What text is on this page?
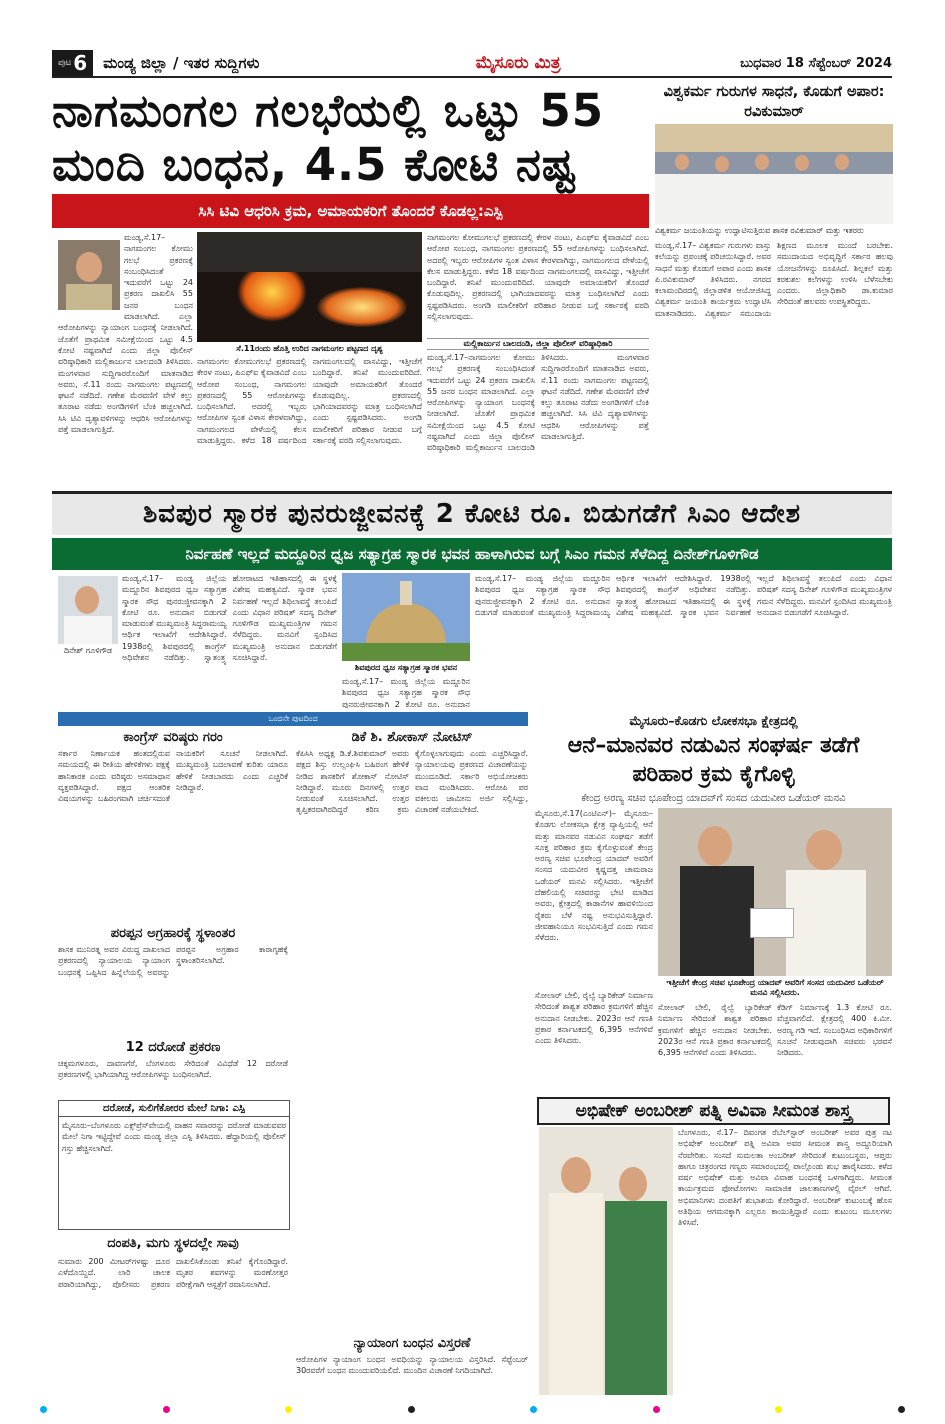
ಪುಟ 6 ಮಂಡ್ಯ ಜಿಲ್ಲಾ / ಇತರ ಸುದ್ದಿಗಳು	ಮೈಸೂರು ಮಿತ್ರ	ಬುಧವಾರ 18 ಸೆಪ್ಟೆಂಬರ್ 2024
ನಾಗಮಂಗಲ ಗಲಭೆಯಲ್ಲಿ ಒಟ್ಟು 55 ಮಂದಿ ಬಂಧನ, 4.5 ಕೋಟಿ ನಷ್ಟ
ಸಿಸಿ ಟಿವಿ ಆಧರಿಸಿ ಕ್ರಮ, ಅಮಾಯಕರಿಗೆ ತೊಂದರೆ ಕೊಡಲ್ಲ:ಎಸ್ಪಿ
ಮಂಡ್ಯ,ಸೆ.17–ನಾಗಮಂಗಲ ಕೋಮು ಗಲಭೆ ಪ್ರಕರಣಕ್ಕೆ ಸಂಬಂಧಿಸಿದಂತೆ ಇದುವರೆಗೆ ಒಟ್ಟು 24 ಪ್ರಕರಣ ದಾಖಲಿಸಿ 55 ಜನರ ಬಂಧನ ಮಾಡಲಾಗಿದೆ. ಎಲ್ಲಾ ಆರೋಪಿಗಳನ್ನು ನ್ಯಾಯಾಂಗ ಬಂಧನಕ್ಕೆ ನೀಡಲಾಗಿದೆ. ಜೊತೆಗೆ ಪ್ರಾಥಮಿಕ ಸಮೀಕ್ಷೆಯಿಂದ ಒಟ್ಟು 4.5 ಕೋಟಿ ನಷ್ಟವಾಗಿದೆ ಎಂದು ಜಿಲ್ಲಾ ಪೊಲೀಸ್ ವರಿಷ್ಠಾಧಿಕಾರಿ ಮಲ್ಲಿಕಾರ್ಜುನ ಬಾಲದಂಡಿ ತಿಳಿಸಿದರು. ಮಂಗಳವಾರ ಸುದ್ದಿಗಾರರೊಂದಿಗೆ ಮಾತನಾಡಿದ ಅವರು, ಸೆ.11 ರಂದು ನಾಗಮಂಗಲ ಪಟ್ಟಣದಲ್ಲಿ ಘಟನೆ ನಡೆದಿದೆ. ಗಣೇಶ ಮೆರವಣಿಗೆ ವೇಳೆ ಕಲ್ಲು ತೂರಾಟ ನಡೆದು ಅಂಗಡಿಗಳಿಗೆ ಬೆಂಕಿ ಹಚ್ಚಲಾಗಿದೆ. ಸಿಸಿ ಟಿವಿ ದೃಶ್ಯಾವಳಿಗಳನ್ನು ಆಧರಿಸಿ ಆರೋಪಿಗಳನ್ನು ಪತ್ತೆ ಮಾಡಲಾಗುತ್ತಿದೆ.
ಸೆ.11ರಂದು ಹೊತ್ತಿ ಉರಿದ ನಾಗಮಂಗಲ ಪಟ್ಟಣದ ದೃಶ್ಯ
ನಾಗಮಂಗಲ ಕೋಮುಗಲಭೆ ಪ್ರಕರಣದಲ್ಲಿ ಕೇರಳ ನಂಟು, ಪಿಎಫ್‌ಐ ಕೈವಾಡವಿದೆ ಎಂಬ ಆರೋಪ ಸಂಬಂಧ, ನಾಗಮಂಗಲ ಪ್ರಕರಣದಲ್ಲಿ 55 ಆರೋಪಿಗಳನ್ನು ಬಂಧಿಸಲಾಗಿದೆ. ಅದರಲ್ಲಿ ಇಬ್ಬರು ಆರೋಪಿಗಳ ಸ್ವಂತ ವಿಳಾಸ ಕೇರಳವಾಗಿದ್ದು, ನಾಗಮಂಗಲದ ವೇಳೆಯಲ್ಲಿ ಕೆಲಸ ಮಾಡುತ್ತಿದ್ದರು. ಕಳೆದ 18 ವರ್ಷದಿಂದ ನಾಗಮಂಗಲದಲ್ಲಿ ವಾಸವಿದ್ದು, ಇತ್ತೀಚೆಗೆ ಬಂದಿದ್ದಾರೆ. ತನಿಖೆ ಮುಂದುವರಿದಿದೆ. ಯಾವುದೇ ಅಮಾಯಕರಿಗೆ ತೊಂದರೆ ಕೊಡುವುದಿಲ್ಲ. ಪ್ರಕರಣದಲ್ಲಿ ಭಾಗಿಯಾದವರನ್ನು ಮಾತ್ರ ಬಂಧಿಸಲಾಗಿದೆ ಎಂದು ಸ್ಪಷ್ಟಪಡಿಸಿದರು. ಅಂಗಡಿ ಮಾಲೀಕರಿಗೆ ಪರಿಹಾರ ನೀಡುವ ಬಗ್ಗೆ ಸರ್ಕಾರಕ್ಕೆ ವರದಿ ಸಲ್ಲಿಸಲಾಗುವುದು.
ನಾಗಮಂಗಲ ಕೋಮುಗಲಭೆ ಪ್ರಕರಣದಲ್ಲಿ ಕೇರಳ ನಂಟು, ಪಿಎಫ್‌ಐ ಕೈವಾಡವಿದೆ ಎಂಬ ಆರೋಪ ಸಂಬಂಧ, ನಾಗಮಂಗಲ ಪ್ರಕರಣದಲ್ಲಿ 55 ಆರೋಪಿಗಳನ್ನು ಬಂಧಿಸಲಾಗಿದೆ. ಅದರಲ್ಲಿ ಇಬ್ಬರು ಆರೋಪಿಗಳ ಸ್ವಂತ ವಿಳಾಸ ಕೇರಳವಾಗಿದ್ದು, ನಾಗಮಂಗಲದ ವೇಳೆಯಲ್ಲಿ ಕೆಲಸ ಮಾಡುತ್ತಿದ್ದರು. ಕಳೆದ 18 ವರ್ಷದಿಂದ ನಾಗಮಂಗಲದಲ್ಲಿ ವಾಸವಿದ್ದು, ಇತ್ತೀಚೆಗೆ ಬಂದಿದ್ದಾರೆ. ತನಿಖೆ ಮುಂದುವರಿದಿದೆ. ಯಾವುದೇ ಅಮಾಯಕರಿಗೆ ತೊಂದರೆ ಕೊಡುವುದಿಲ್ಲ. ಪ್ರಕರಣದಲ್ಲಿ ಭಾಗಿಯಾದವರನ್ನು ಮಾತ್ರ ಬಂಧಿಸಲಾಗಿದೆ ಎಂದು ಸ್ಪಷ್ಟಪಡಿಸಿದರು. ಅಂಗಡಿ ಮಾಲೀಕರಿಗೆ ಪರಿಹಾರ ನೀಡುವ ಬಗ್ಗೆ ಸರ್ಕಾರಕ್ಕೆ ವರದಿ ಸಲ್ಲಿಸಲಾಗುವುದು.
ಮಲ್ಲಿಕಾರ್ಜುನ ಬಾಲದಂಡಿ, ಜಿಲ್ಲಾ ಪೊಲೀಸ್ ವರಿಷ್ಠಾಧಿಕಾರಿ
ಮಂಡ್ಯ,ಸೆ.17–ನಾಗಮಂಗಲ ಕೋಮು ಗಲಭೆ ಪ್ರಕರಣಕ್ಕೆ ಸಂಬಂಧಿಸಿದಂತೆ ಇದುವರೆಗೆ ಒಟ್ಟು 24 ಪ್ರಕರಣ ದಾಖಲಿಸಿ 55 ಜನರ ಬಂಧನ ಮಾಡಲಾಗಿದೆ. ಎಲ್ಲಾ ಆರೋಪಿಗಳನ್ನು ನ್ಯಾಯಾಂಗ ಬಂಧನಕ್ಕೆ ನೀಡಲಾಗಿದೆ. ಜೊತೆಗೆ ಪ್ರಾಥಮಿಕ ಸಮೀಕ್ಷೆಯಿಂದ ಒಟ್ಟು 4.5 ಕೋಟಿ ನಷ್ಟವಾಗಿದೆ ಎಂದು ಜಿಲ್ಲಾ ಪೊಲೀಸ್ ವರಿಷ್ಠಾಧಿಕಾರಿ ಮಲ್ಲಿಕಾರ್ಜುನ ಬಾಲದಂಡಿ ತಿಳಿಸಿದರು. ಮಂಗಳವಾರ ಸುದ್ದಿಗಾರರೊಂದಿಗೆ ಮಾತನಾಡಿದ ಅವರು, ಸೆ.11 ರಂದು ನಾಗಮಂಗಲ ಪಟ್ಟಣದಲ್ಲಿ ಘಟನೆ ನಡೆದಿದೆ. ಗಣೇಶ ಮೆರವಣಿಗೆ ವೇಳೆ ಕಲ್ಲು ತೂರಾಟ ನಡೆದು ಅಂಗಡಿಗಳಿಗೆ ಬೆಂಕಿ ಹಚ್ಚಲಾಗಿದೆ. ಸಿಸಿ ಟಿವಿ ದೃಶ್ಯಾವಳಿಗಳನ್ನು ಆಧರಿಸಿ ಆರೋಪಿಗಳನ್ನು ಪತ್ತೆ ಮಾಡಲಾಗುತ್ತಿದೆ.
ವಿಶ್ವಕರ್ಮ ಗುರುಗಳ ಸಾಧನೆ, ಕೊಡುಗೆ ಅಪಾರ: ರವಿಕುಮಾರ್
ವಿಶ್ವಕರ್ಮ ಜಯಂತಿಯನ್ನು ಉದ್ಘಾಟಿಸುತ್ತಿರುವ ಶಾಸಕ ರವಿಕುಮಾರ್ ಮತ್ತು ಇತರರು
ಮಂಡ್ಯ,ಸೆ.17– ವಿಶ್ವಕರ್ಮ ಗುರುಗಳು ವಾಸ್ತು ಕಲೆಯನ್ನು ಪ್ರಪಂಚಕ್ಕೆ ಪರಿಚಯಿಸಿದ್ದಾರೆ. ಅವರ ಸಾಧನೆ ಮತ್ತು ಕೊಡುಗೆ ಅಪಾರ ಎಂದು ಶಾಸಕ ಪಿ.ರವಿಕುಮಾರ್ ತಿಳಿಸಿದರು. ನಗರದ ಕಲಾಮಂದಿರದಲ್ಲಿ ಜಿಲ್ಲಾಡಳಿತ ಆಯೋಜಿಸಿದ್ದ ವಿಶ್ವಕರ್ಮ ಜಯಂತಿ ಕಾರ್ಯಕ್ರಮ ಉದ್ಘಾಟಿಸಿ ಮಾತನಾಡಿದರು. ವಿಶ್ವಕರ್ಮ ಸಮುದಾಯ ಶಿಕ್ಷಣದ ಮೂಲಕ ಮುಂದೆ ಬರಬೇಕು. ಸಮುದಾಯದ ಅಭಿವೃದ್ಧಿಗೆ ಸರ್ಕಾರ ಹಲವು ಯೋಜನೆಗಳನ್ನು ರೂಪಿಸಿದೆ. ಶಿಲ್ಪಕಲೆ ಮತ್ತು ಕರಕುಶಲ ಕಲೆಗಳನ್ನು ಉಳಿಸಿ ಬೆಳೆಸಬೇಕು ಎಂದರು. ಜಿಲ್ಲಾಧಿಕಾರಿ ಡಾ.ಕುಮಾರ ಸೇರಿದಂತೆ ಹಲವರು ಉಪಸ್ಥಿತರಿದ್ದರು.
ಶಿವಪುರ ಸ್ಮಾರಕ ಪುನರುಜ್ಜೀವನಕ್ಕೆ 2 ಕೋಟಿ ರೂ. ಬಿಡುಗಡೆಗೆ ಸಿಎಂ ಆದೇಶ
ನಿರ್ವಹಣೆ ಇಲ್ಲದೆ ಮದ್ದೂರಿನ ಧ್ವಜ ಸತ್ಯಾಗ್ರಹ ಸ್ಮಾರಕ ಭವನ ಹಾಳಾಗಿರುವ ಬಗ್ಗೆ ಸಿಎಂ ಗಮನ ಸೆಳೆದಿದ್ದ ದಿನೇಶ್‌ಗೂಳಿಗೌಡ
ದಿನೇಶ್ ಗೂಳಿಗೌಡ
ಮಂಡ್ಯ,ಸೆ.17– ಮಂಡ್ಯ ಜಿಲ್ಲೆಯ ಮದ್ದೂರಿನ ಶಿವಪುರದ ಧ್ವಜ ಸತ್ಯಾಗ್ರಹ ಸ್ಮಾರಕ ಸೌಧ ಪುನರುಜ್ಜೀವನಕ್ಕಾಗಿ 2 ಕೋಟಿ ರೂ. ಅನುದಾನ ಬಿಡುಗಡೆ ಮಾಡುವಂತೆ ಮುಖ್ಯಮಂತ್ರಿ ಸಿದ್ದರಾಮಯ್ಯ ಆರ್ಥಿಕ ಇಲಾಖೆಗೆ ಆದೇಶಿಸಿದ್ದಾರೆ. 1938ರಲ್ಲಿ ಶಿವಪುರದಲ್ಲಿ ಕಾಂಗ್ರೆಸ್ ಅಧಿವೇಶನ ನಡೆದಿತ್ತು. ಸ್ವಾತಂತ್ರ್ಯ ಹೋರಾಟದ ಇತಿಹಾಸದಲ್ಲಿ ಈ ಸ್ಥಳಕ್ಕೆ ವಿಶೇಷ ಮಹತ್ವವಿದೆ. ಸ್ಮಾರಕ ಭವನ ನಿರ್ವಹಣೆ ಇಲ್ಲದೆ ಶಿಥಿಲಾವಸ್ಥೆ ತಲುಪಿದೆ ಎಂದು ವಿಧಾನ ಪರಿಷತ್ ಸದಸ್ಯ ದಿನೇಶ್ ಗೂಳಿಗೌಡ ಮುಖ್ಯಮಂತ್ರಿಗಳ ಗಮನ ಸೆಳೆದಿದ್ದರು. ಮನವಿಗೆ ಸ್ಪಂದಿಸಿದ ಮುಖ್ಯಮಂತ್ರಿ ಅನುದಾನ ಬಿಡುಗಡೆಗೆ ಸೂಚಿಸಿದ್ದಾರೆ.
ಶಿವಪುರದ ಧ್ವಜ ಸತ್ಯಾಗ್ರಹ ಸ್ಮಾರಕ ಭವನ
ಮಂಡ್ಯ,ಸೆ.17– ಮಂಡ್ಯ ಜಿಲ್ಲೆಯ ಮದ್ದೂರಿನ ಶಿವಪುರದ ಧ್ವಜ ಸತ್ಯಾಗ್ರಹ ಸ್ಮಾರಕ ಸೌಧ ಪುನರುಜ್ಜೀವನಕ್ಕಾಗಿ 2 ಕೋಟಿ ರೂ. ಅನುದಾನ
ಮಂಡ್ಯ,ಸೆ.17– ಮಂಡ್ಯ ಜಿಲ್ಲೆಯ ಮದ್ದೂರಿನ ಶಿವಪುರದ ಧ್ವಜ ಸತ್ಯಾಗ್ರಹ ಸ್ಮಾರಕ ಸೌಧ ಪುನರುಜ್ಜೀವನಕ್ಕಾಗಿ 2 ಕೋಟಿ ರೂ. ಅನುದಾನ ಬಿಡುಗಡೆ ಮಾಡುವಂತೆ ಮುಖ್ಯಮಂತ್ರಿ ಸಿದ್ದರಾಮಯ್ಯ ಆರ್ಥಿಕ ಇಲಾಖೆಗೆ ಆದೇಶಿಸಿದ್ದಾರೆ. 1938ರಲ್ಲಿ ಶಿವಪುರದಲ್ಲಿ ಕಾಂಗ್ರೆಸ್ ಅಧಿವೇಶನ ನಡೆದಿತ್ತು. ಸ್ವಾತಂತ್ರ್ಯ ಹೋರಾಟದ ಇತಿಹಾಸದಲ್ಲಿ ಈ ಸ್ಥಳಕ್ಕೆ ವಿಶೇಷ ಮಹತ್ವವಿದೆ. ಸ್ಮಾರಕ ಭವನ ನಿರ್ವಹಣೆ ಇಲ್ಲದೆ ಶಿಥಿಲಾವಸ್ಥೆ ತಲುಪಿದೆ ಎಂದು ವಿಧಾನ ಪರಿಷತ್ ಸದಸ್ಯ ದಿನೇಶ್ ಗೂಳಿಗೌಡ ಮುಖ್ಯಮಂತ್ರಿಗಳ ಗಮನ ಸೆಳೆದಿದ್ದರು. ಮನವಿಗೆ ಸ್ಪಂದಿಸಿದ ಮುಖ್ಯಮಂತ್ರಿ ಅನುದಾನ ಬಿಡುಗಡೆಗೆ ಸೂಚಿಸಿದ್ದಾರೆ.
ಒಂದನೇ ಪುಟದಿಂದ
ಕಾಂಗ್ರೆಸ್ ವರಿಷ್ಠರು ಗರಂ
ಸರ್ಕಾರ ನಿರ್ಣಾಯಕ ಹಂತದಲ್ಲಿರುವ ಸಮಯದಲ್ಲಿ ಈ ರೀತಿಯ ಹೇಳಿಕೆಗಳು ಪಕ್ಷಕ್ಕೆ ಹಾನಿಕಾರಕ ಎಂದು ವರಿಷ್ಠರು ಅಸಮಾಧಾನ ವ್ಯಕ್ತಪಡಿಸಿದ್ದಾರೆ. ಪಕ್ಷದ ಆಂತರಿಕ ವಿಷಯಗಳನ್ನು ಬಹಿರಂಗವಾಗಿ ಚರ್ಚಿಸದಂತೆ ನಾಯಕರಿಗೆ ಸೂಚನೆ ನೀಡಲಾಗಿದೆ. ಮುಖ್ಯಮಂತ್ರಿ ಬದಲಾವಣೆ ಕುರಿತು ಯಾರೂ ಹೇಳಿಕೆ ನೀಡಬಾರದು ಎಂದು ಎಚ್ಚರಿಕೆ ನೀಡಿದ್ದಾರೆ.
ಪರಪ್ಪನ ಅಗ್ರಹಾರಕ್ಕೆ ಸ್ಥಳಾಂತರ
ಶಾಸಕ ಮುನಿರತ್ನ ಅವರ ವಿರುದ್ಧ ದಾಖಲಾದ ಪ್ರಕರಣದಲ್ಲಿ ನ್ಯಾಯಾಲಯ ನ್ಯಾಯಾಂಗ ಬಂಧನಕ್ಕೆ ಒಪ್ಪಿಸಿದ ಹಿನ್ನೆಲೆಯಲ್ಲಿ ಅವರನ್ನು ಪರಪ್ಪನ ಅಗ್ರಹಾರ ಕಾರಾಗೃಹಕ್ಕೆ ಸ್ಥಳಾಂತರಿಸಲಾಗಿದೆ.
12 ದರೋಡೆ ಪ್ರಕರಣ
ಚಿಕ್ಕಮಗಳೂರು, ದಾವಣಗೆರೆ, ಬೆಂಗಳೂರು ಸೇರಿದಂತೆ ವಿವಿಧೆಡೆ 12 ದರೋಡೆ ಪ್ರಕರಣಗಳಲ್ಲಿ ಭಾಗಿಯಾಗಿದ್ದ ಆರೋಪಿಗಳನ್ನು ಬಂಧಿಸಲಾಗಿದೆ.
ದರೋಡೆ, ಸುಲಿಗೆಕೋರರ ಮೇಲೆ ನಿಗಾ: ಎಸ್ಪಿ
ಮೈಸೂರು–ಬೆಂಗಳೂರು ಎಕ್ಸ್‌ಪ್ರೆಸ್‌ವೇಯಲ್ಲಿ ವಾಹನ ಸವಾರರನ್ನು ದರೋಡೆ ಮಾಡುವವರ ಮೇಲೆ ನಿಗಾ ಇಟ್ಟಿದ್ದೇವೆ ಎಂದು ಮಂಡ್ಯ ಜಿಲ್ಲಾ ಎಸ್ಪಿ ತಿಳಿಸಿದರು. ಹೆದ್ದಾರಿಯಲ್ಲಿ ಪೊಲೀಸ್ ಗಸ್ತು ಹೆಚ್ಚಿಸಲಾಗಿದೆ.
ದಂಪತಿ, ಮಗು ಸ್ಥಳದಲ್ಲೇ ಸಾವು
ಸುಮಾರು 200 ಮೀಟರ್‌ಗಳಷ್ಟು ದೂರ ಎಳೆದೊಯ್ದಿದೆ. ಲಾರಿ ಚಾಲಕ ಪರಾರಿಯಾಗಿದ್ದು, ಪೊಲೀಸರು ಪ್ರಕರಣ ದಾಖಲಿಸಿಕೊಂಡು ತನಿಖೆ ಕೈಗೊಂಡಿದ್ದಾರೆ. ಮೃತರ ಶವಗಳನ್ನು ಮರಣೋತ್ತರ ಪರೀಕ್ಷೆಗಾಗಿ ಆಸ್ಪತ್ರೆಗೆ ರವಾನಿಸಲಾಗಿದೆ.
ಡಿಕೆ ಶಿ. ಶೋಕಾಸ್ ನೋಟಿಸ್
ಕೆಪಿಸಿಸಿ ಅಧ್ಯಕ್ಷ ಡಿ.ಕೆ.ಶಿವಕುಮಾರ್ ಅವರು ಪಕ್ಷದ ಶಿಸ್ತು ಉಲ್ಲಂಘಿಸಿ ಬಹಿರಂಗ ಹೇಳಿಕೆ ನೀಡಿದ ಶಾಸಕರಿಗೆ ಶೋಕಾಸ್ ನೋಟಿಸ್ ನೀಡಿದ್ದಾರೆ. ಮೂರು ದಿನಗಳಲ್ಲಿ ಉತ್ತರ ನೀಡುವಂತೆ ಸೂಚಿಸಲಾಗಿದೆ. ಉತ್ತರ ತೃಪ್ತಿಕರವಾಗಿರದಿದ್ದರೆ ಕಠಿಣ ಕ್ರಮ ಕೈಗೊಳ್ಳಲಾಗುವುದು ಎಂದು ಎಚ್ಚರಿಸಿದ್ದಾರೆ. ನ್ಯಾಯಾಲಯವು ಪ್ರಕರಣದ ವಿಚಾರಣೆಯನ್ನು ಮುಂದೂಡಿದೆ. ಸರ್ಕಾರಿ ಅಭಿಯೋಜಕರು ವಾದ ಮಂಡಿಸಿದರು. ಆರೋಪಿ ಪರ ವಕೀಲರು ಜಾಮೀನು ಅರ್ಜಿ ಸಲ್ಲಿಸಿದ್ದು, ವಿಚಾರಣೆ ನಡೆಯಬೇಕಿದೆ.
ನ್ಯಾಯಾಂಗ ಬಂಧನ ವಿಸ್ತರಣೆ
ಆರೋಪಿಗಳ ನ್ಯಾಯಾಂಗ ಬಂಧನ ಅವಧಿಯನ್ನು ನ್ಯಾಯಾಲಯ ವಿಸ್ತರಿಸಿದೆ. ಸೆಪ್ಟೆಂಬರ್ 30ರವರೆಗೆ ಬಂಧನ ಮುಂದುವರಿಯಲಿದೆ. ಮುಂದಿನ ವಿಚಾರಣೆ ನಿಗದಿಯಾಗಿದೆ.
ಮೈಸೂರು–ಕೊಡಗು ಲೋಕಸಭಾ ಕ್ಷೇತ್ರದಲ್ಲಿ
ಆನೆ–ಮಾನವರ ನಡುವಿನ ಸಂಘರ್ಷ ತಡೆಗೆ ಪರಿಹಾರ ಕ್ರಮ ಕೈಗೊಳ್ಳಿ
ಕೇಂದ್ರ ಅರಣ್ಯ ಸಚಿವ ಭೂಪೇಂದ್ರ ಯಾದವ್‌ಗೆ ಸಂಸದ ಯದುವೀರ ಒಡೆಯರ್ ಮನವಿ
ಮೈಸೂರು,ಸೆ.17(ಎಂಟಿಎನ್)– ಮೈಸೂರು–ಕೊಡಗು ಲೋಕಸಭಾ ಕ್ಷೇತ್ರ ವ್ಯಾಪ್ತಿಯಲ್ಲಿ ಆನೆ ಮತ್ತು ಮಾನವರ ನಡುವಿನ ಸಂಘರ್ಷ ತಡೆಗೆ ಸೂಕ್ತ ಪರಿಹಾರ ಕ್ರಮ ಕೈಗೊಳ್ಳುವಂತೆ ಕೇಂದ್ರ ಅರಣ್ಯ ಸಚಿವ ಭೂಪೇಂದ್ರ ಯಾದವ್ ಅವರಿಗೆ ಸಂಸದ ಯದುವೀರ ಕೃಷ್ಣದತ್ತ ಚಾಮರಾಜ ಒಡೆಯರ್ ಮನವಿ ಸಲ್ಲಿಸಿದರು. ಇತ್ತೀಚೆಗೆ ದೆಹಲಿಯಲ್ಲಿ ಸಚಿವರನ್ನು ಭೇಟಿ ಮಾಡಿದ ಅವರು, ಕ್ಷೇತ್ರದಲ್ಲಿ ಕಾಡಾನೆಗಳ ಹಾವಳಿಯಿಂದ ರೈತರು ಬೆಳೆ ನಷ್ಟ ಅನುಭವಿಸುತ್ತಿದ್ದಾರೆ. ಜೀವಹಾನಿಯೂ ಸಂಭವಿಸುತ್ತಿದೆ ಎಂದು ಗಮನ ಸೆಳೆದರು.
ಇತ್ತೀಚೆಗೆ ಕೇಂದ್ರ ಸಚಿವ ಭೂಪೇಂದ್ರ ಯಾದವ್ ಅವರಿಗೆ ಸಂಸದ ಯದುವೀರ ಒಡೆಯರ್ ಮನವಿ ಸಲ್ಲಿಸಿದರು.
ಸೋಲಾರ್ ಬೇಲಿ, ರೈಲ್ವೆ ಬ್ಯಾರಿಕೇಡ್ ನಿರ್ಮಾಣ ಸೇರಿದಂತೆ ಶಾಶ್ವತ ಪರಿಹಾರ ಕ್ರಮಗಳಿಗೆ ಹೆಚ್ಚಿನ ಅನುದಾನ ನೀಡಬೇಕು. 2023ರ ಆನೆ ಗಣತಿ ಪ್ರಕಾರ ಕರ್ನಾಟಕದಲ್ಲಿ 6,395 ಆನೆಗಳಿವೆ ಎಂದು ತಿಳಿಸಿದರು.
ಸೋಲಾರ್ ಬೇಲಿ, ರೈಲ್ವೆ ಬ್ಯಾರಿಕೇಡ್ ನಿರ್ಮಾಣ ಸೇರಿದಂತೆ ಶಾಶ್ವತ ಪರಿಹಾರ ಕ್ರಮಗಳಿಗೆ ಹೆಚ್ಚಿನ ಅನುದಾನ ನೀಡಬೇಕು. 2023ರ ಆನೆ ಗಣತಿ ಪ್ರಕಾರ ಕರ್ನಾಟಕದಲ್ಲಿ 6,395 ಆನೆಗಳಿವೆ ಎಂದು ತಿಳಿಸಿದರು.
ಕೆಡಿಗ್ ನಿರ್ಮಾಣಕ್ಕೆ 1.3 ಕೋಟಿ ರೂ. ವೆಚ್ಚವಾಗಲಿದೆ. ಕ್ಷೇತ್ರದಲ್ಲಿ 400 ಕಿ.ಮೀ. ಅರಣ್ಯ ಗಡಿ ಇದೆ. ಸಂಬಂಧಿಸಿದ ಅಧಿಕಾರಿಗಳಿಗೆ ಸೂಚನೆ ನೀಡುವುದಾಗಿ ಸಚಿವರು ಭರವಸೆ ನೀಡಿದರು.
ಅಭಿಷೇಕ್ ಅಂಬರೀಶ್ ಪತ್ನಿ ಅವಿವಾ ಸೀಮಂತ ಶಾಸ್ತ್ರ
ಬೆಂಗಳೂರು, ಸೆ.17– ದಿವಂಗತ ರೆಬೆಲ್‌ಸ್ಟಾರ್ ಅಂಬರೀಶ್ ಅವರ ಪುತ್ರ ನಟ ಅಭಿಷೇಕ್ ಅಂಬರೀಶ್ ಪತ್ನಿ ಅವಿವಾ ಅವರ ಸೀಮಂತ ಶಾಸ್ತ್ರ ಅದ್ಧೂರಿಯಾಗಿ ನೆರವೇರಿತು. ಸಂಸದೆ ಸುಮಲತಾ ಅಂಬರೀಶ್ ಸೇರಿದಂತೆ ಕುಟುಂಬಸ್ಥರು, ಆಪ್ತರು ಹಾಗೂ ಚಿತ್ರರಂಗದ ಗಣ್ಯರು ಸಮಾರಂಭದಲ್ಲಿ ಪಾಲ್ಗೊಂಡು ಶುಭ ಹಾರೈಸಿದರು. ಕಳೆದ ವರ್ಷ ಅಭಿಷೇಕ್ ಮತ್ತು ಅವಿವಾ ವಿವಾಹ ಬಂಧನಕ್ಕೆ ಒಳಗಾಗಿದ್ದರು. ಸೀಮಂತ ಕಾರ್ಯಕ್ರಮದ ಫೋಟೋಗಳು ಸಾಮಾಜಿಕ ಜಾಲತಾಣಗಳಲ್ಲಿ ವೈರಲ್ ಆಗಿವೆ. ಅಭಿಮಾನಿಗಳು ದಂಪತಿಗೆ ಶುಭಾಶಯ ಕೋರಿದ್ದಾರೆ. ಅಂಬರೀಶ್ ಕುಟುಂಬಕ್ಕೆ ಹೊಸ ಅತಿಥಿಯ ಆಗಮನಕ್ಕಾಗಿ ಎಲ್ಲರೂ ಕಾಯುತ್ತಿದ್ದಾರೆ ಎಂದು ಕುಟುಂಬ ಮೂಲಗಳು ತಿಳಿಸಿವೆ.
